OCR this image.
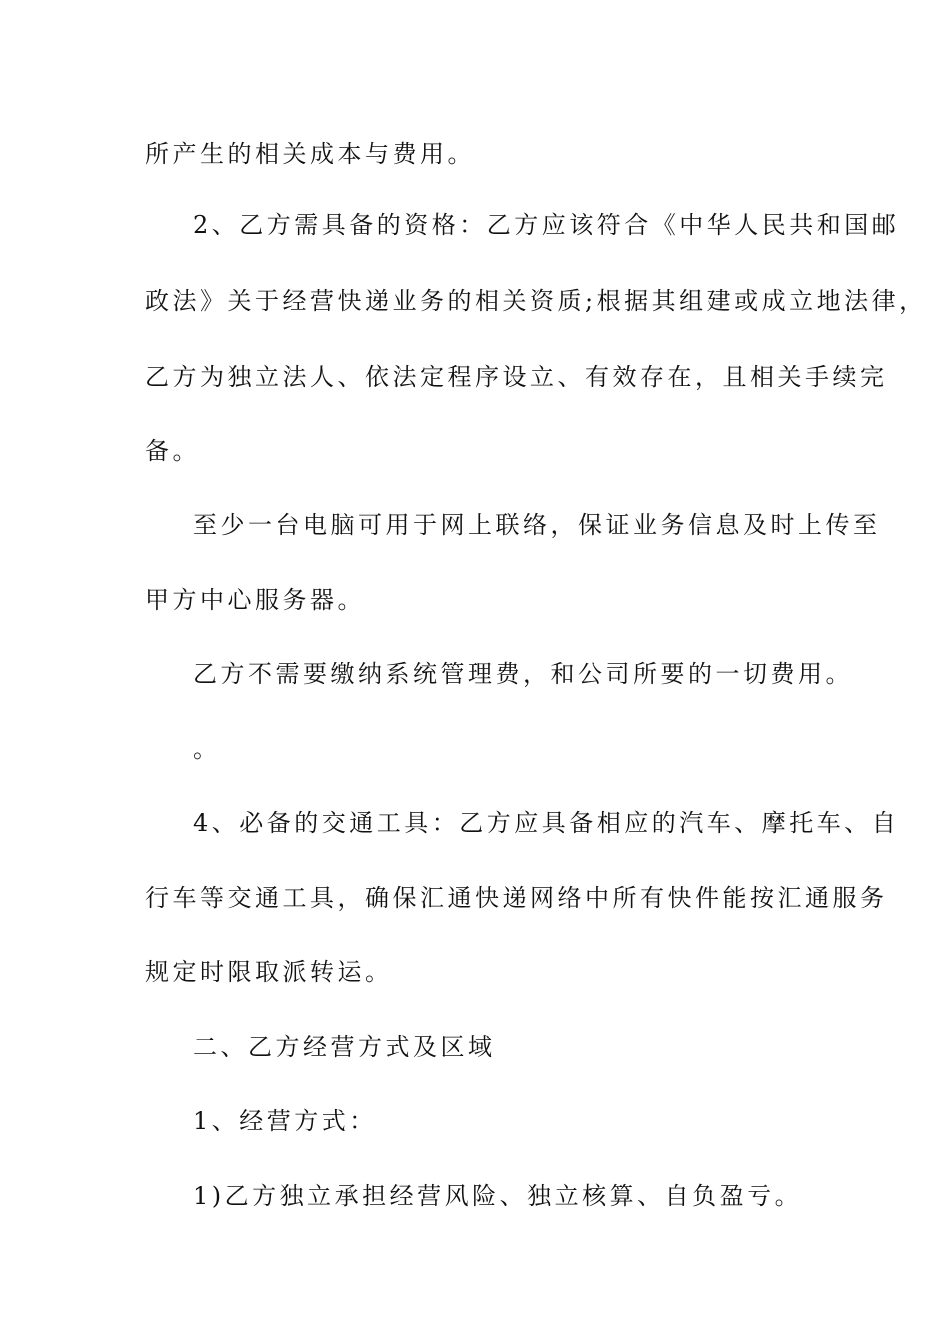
所产生的相关成本与费用。
2、乙方需具备的资格：乙方应该符合《中华人民共和国邮
政法》关于经营快递业务的相关资质;根据其组建或成立地法律，
乙方为独立法人、依法定程序设立、有效存在，且相关手续完
备。
至少一台电脑可用于网上联络，保证业务信息及时上传至
甲方中心服务器。
乙方不需要缴纳系统管理费，和公司所要的一切费用。
。
4、必备的交通工具：乙方应具备相应的汽车、摩托车、自
行车等交通工具，确保汇通快递网络中所有快件能按汇通服务
规定时限取派转运。
二、乙方经营方式及区域
1、经营方式：
1)乙方独立承担经营风险、独立核算、自负盈亏。
